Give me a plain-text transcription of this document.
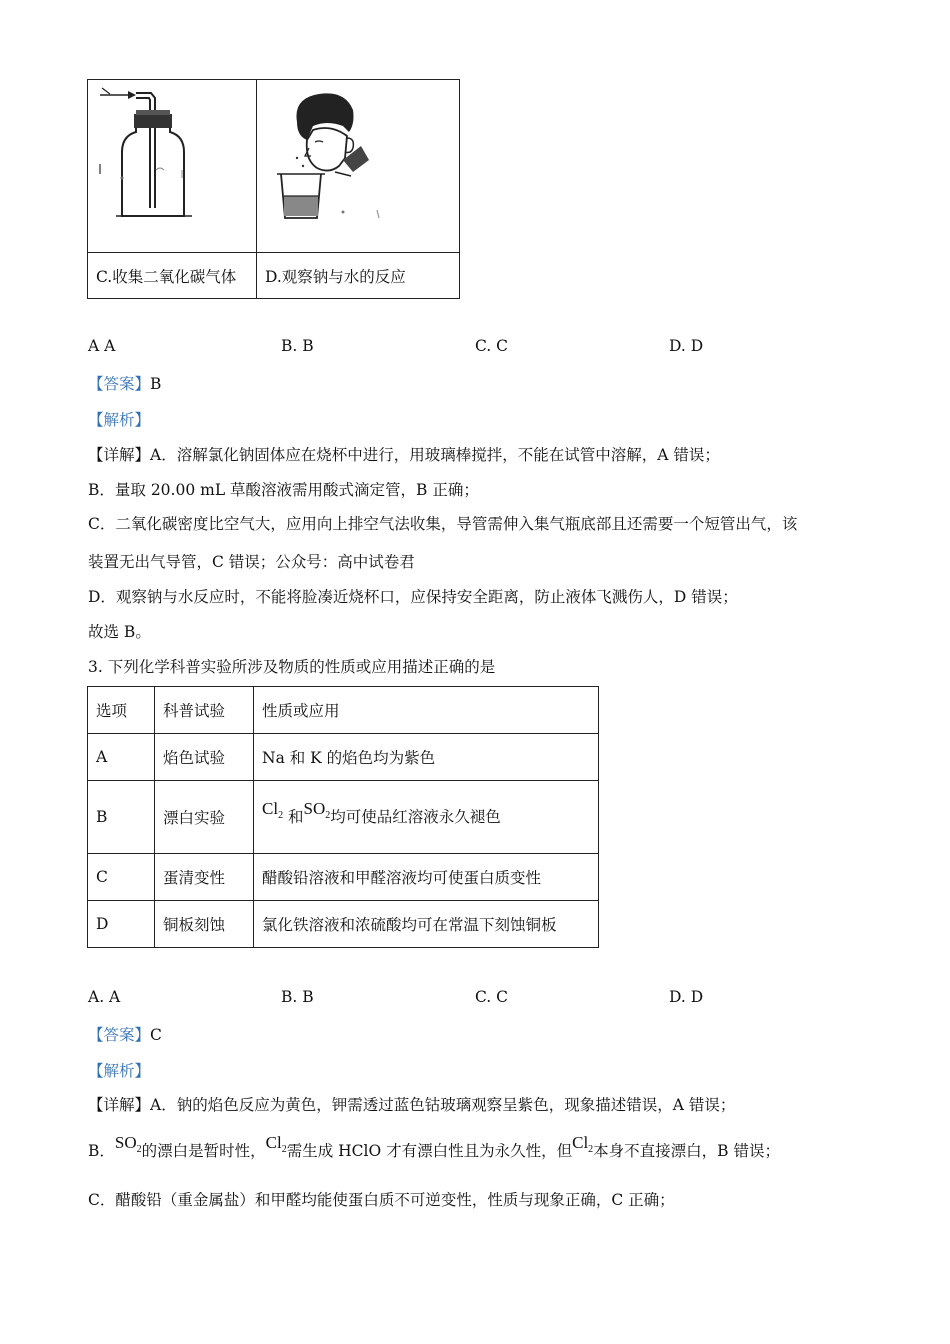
C.收集二氧化碳气体	D.观察钠与水的反应
A A	B. B	C. C	D. D
【答案】B
【解析】
【详解】A．溶解氯化钠固体应在烧杯中进行，用玻璃棒搅拌，不能在试管中溶解，A 错误；
B．量取 20.00 mL 草酸溶液需用酸式滴定管，B 正确；
C．二氧化碳密度比空气大，应用向上排空气法收集，导管需伸入集气瓶底部且还需要一个短管出气，该
装置无出气导管，C 错误；公众号：高中试卷君
D．观察钠与水反应时，不能将脸凑近烧杯口，应保持安全距离，防止液体飞溅伤人，D 错误；
故选 B。
3. 下列化学科普实验所涉及物质的性质或应用描述正确的是
选项	科普试验	性质或应用
A	焰色试验	Na 和 K 的焰色均为紫色
B	漂白实验	$Cl_2$ 和$SO_2$均可使品红溶液永久褪色
C	蛋清变性	醋酸铅溶液和甲醛溶液均可使蛋白质变性
D	铜板刻蚀	氯化铁溶液和浓硫酸均可在常温下刻蚀铜板
A. A	B. B	C. C	D. D
【答案】C
【解析】
【详解】A．钠的焰色反应为黄色，钾需透过蓝色钴玻璃观察呈紫色，现象描述错误，A 错误；
B．$SO_2$的漂白是暂时性，$Cl_2$需生成 HClO 才有漂白性且为永久性，但$Cl_2$本身不直接漂白，B 错误；
C．醋酸铅（重金属盐）和甲醛均能使蛋白质不可逆变性，性质与现象正确，C 正确；
